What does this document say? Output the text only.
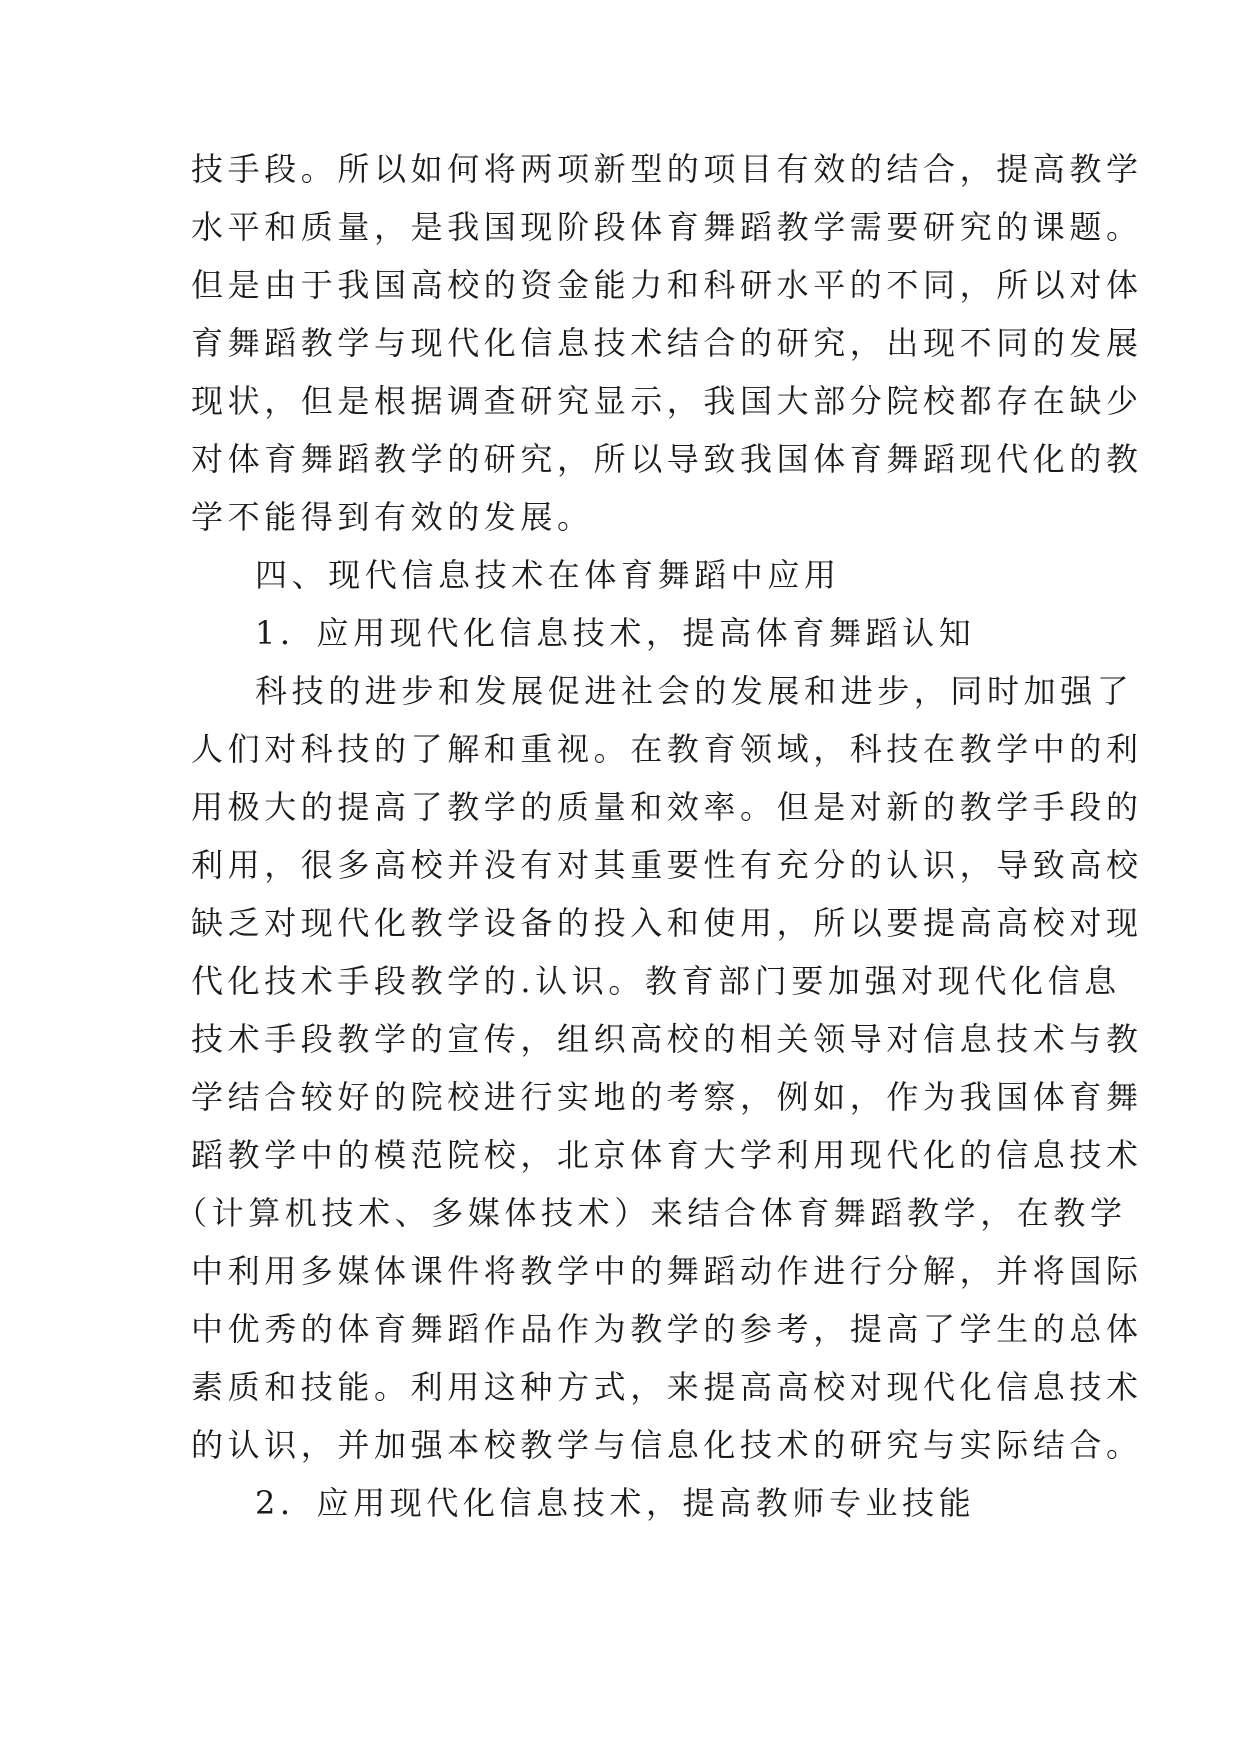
技手段。所以如何将两项新型的项目有效的结合，提高教学
水平和质量，是我国现阶段体育舞蹈教学需要研究的课题。
但是由于我国高校的资金能力和科研水平的不同，所以对体
育舞蹈教学与现代化信息技术结合的研究，出现不同的发展
现状，但是根据调查研究显示，我国大部分院校都存在缺少
对体育舞蹈教学的研究，所以导致我国体育舞蹈现代化的教
学不能得到有效的发展。
四、现代信息技术在体育舞蹈中应用
1．应用现代化信息技术，提高体育舞蹈认知
科技的进步和发展促进社会的发展和进步，同时加强了
人们对科技的了解和重视。在教育领域，科技在教学中的利
用极大的提高了教学的质量和效率。但是对新的教学手段的
利用，很多高校并没有对其重要性有充分的认识，导致高校
缺乏对现代化教学设备的投入和使用，所以要提高高校对现
代化技术手段教学的.认识。教育部门要加强对现代化信息
技术手段教学的宣传，组织高校的相关领导对信息技术与教
学结合较好的院校进行实地的考察，例如，作为我国体育舞
蹈教学中的模范院校，北京体育大学利用现代化的信息技术
（计算机技术、多媒体技术）来结合体育舞蹈教学，在教学
中利用多媒体课件将教学中的舞蹈动作进行分解，并将国际
中优秀的体育舞蹈作品作为教学的参考，提高了学生的总体
素质和技能。利用这种方式，来提高高校对现代化信息技术
的认识，并加强本校教学与信息化技术的研究与实际结合。
2．应用现代化信息技术，提高教师专业技能
